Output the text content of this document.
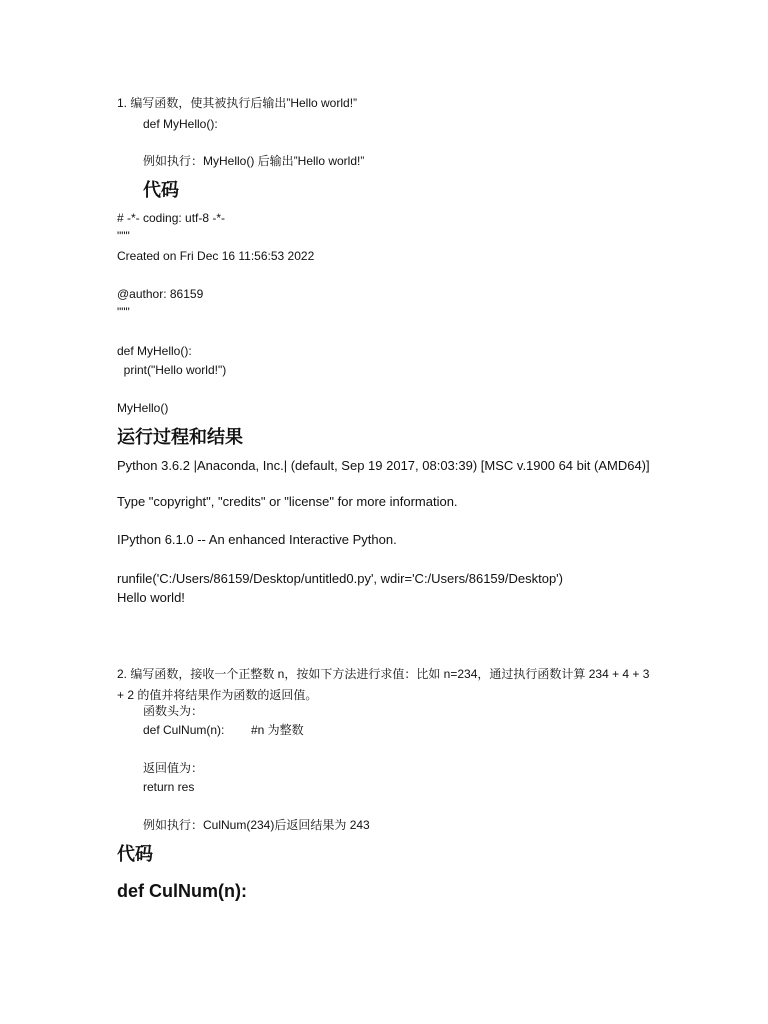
1. 编写函数，使其被执行后输出”Hello world!”
def MyHello():
例如执行：MyHello() 后输出”Hello world!”
代码
# -*- coding: utf-8 -*-
"""
Created on Fri Dec 16 11:56:53 2022
@author: 86159
"""
def MyHello():
print("Hello world!")
MyHello()
运行过程和结果
Python 3.6.2 |Anaconda, Inc.| (default, Sep 19 2017, 08:03:39) [MSC v.1900 64 bit (AMD64)]
Type "copyright", "credits" or "license" for more information.
IPython 6.1.0 -- An enhanced Interactive Python.
runfile('C:/Users/86159/Desktop/untitled0.py', wdir='C:/Users/86159/Desktop')
Hello world!
2. 编写函数，接收一个正整数 n，按如下方法进行求值：比如 n=234，通过执行函数计算 234 + 4 + 3 + 2 的值并将结果作为函数的返回值。
函数头为：
def CulNum(n): #n 为整数
返回值为：
return res
例如执行：CulNum(234)后返回结果为 243
代码
def CulNum(n):
